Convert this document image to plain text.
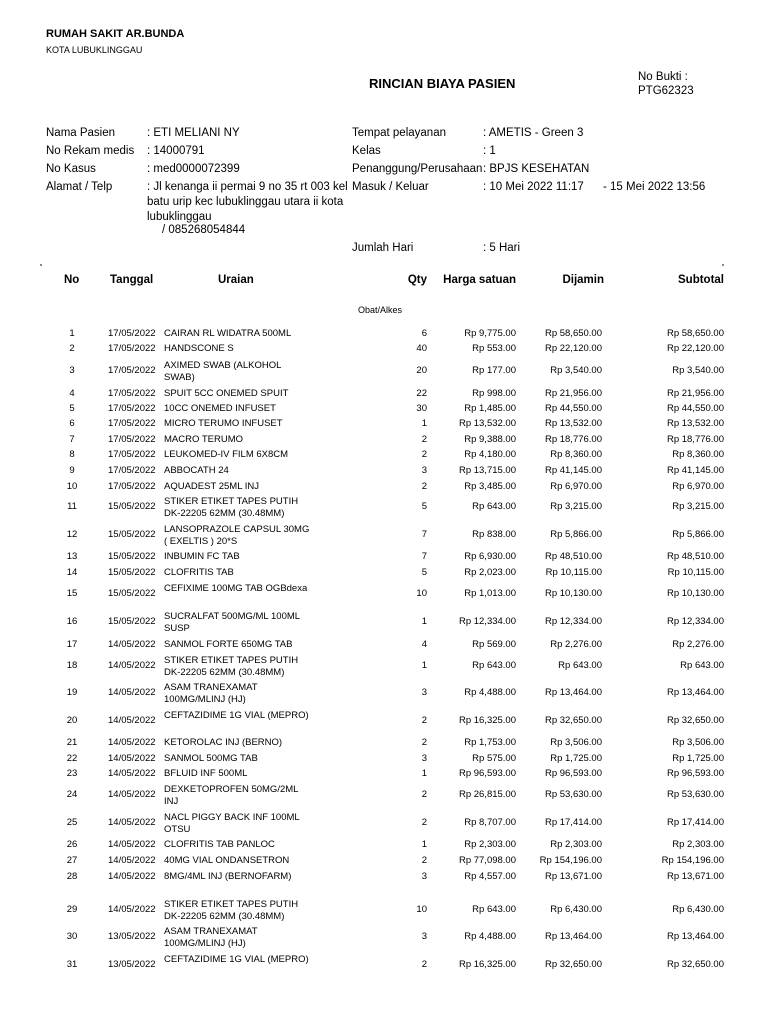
RUMAH SAKIT AR.BUNDA
KOTA LUBUKLINGGAU
RINCIAN BIAYA PASIEN	No Bukti :
PTG62323
Nama Pasien	: ETI MELIANI NY
No Rekam medis : 14000791
No Kasus	: med0000072399
Alamat / Telp	: Jl kenanga ii permai 9 no 35 rt 003 kel batu urip kec lubuklinggau utara ii kota lubuklinggau
/ 085268054844
Tempat pelayanan	: AMETIS - Green 3
Kelas	: 1
Penanggung/Perusahaan : BPJS KESEHATAN
Masuk / Keluar	: 10 Mei 2022 11:17 - 15 Mei 2022 13:56
Jumlah Hari	: 5 Hari
No	Tanggal	Uraian	Qty Harga satuan	Dijamin	Subtotal
Obat/Alkes
1	17/05/2022 CAIRAN RL WIDATRA 500ML	6	Rp 9,775.00	Rp 58,650.00	Rp 58,650.00
2	17/05/2022 HANDSCONE S	40	Rp 553.00	Rp 22,120.00	Rp 22,120.00
3	17/05/2022 AXIMED SWAB (ALKOHOL SWAB)
20	Rp 177.00	Rp 3,540.00	Rp 3,540.00
4	17/05/2022 SPUIT 5CC ONEMED SPUIT	22	Rp 998.00	Rp 21,956.00	Rp 21,956.00
5	17/05/2022 10CC ONEMED INFUSET	30	Rp 1,485.00	Rp 44,550.00	Rp 44,550.00
6	17/05/2022 MICRO TERUMO INFUSET	1	Rp 13,532.00	Rp 13,532.00	Rp 13,532.00
7	17/05/2022 MACRO TERUMO	2	Rp 9,388.00	Rp 18,776.00	Rp 18,776.00
8	17/05/2022 LEUKOMED-IV FILM 6X8CM	2	Rp 4,180.00	Rp 8,360.00	Rp 8,360.00
9	17/05/2022 ABBOCATH 24	3	Rp 13,715.00	Rp 41,145.00	Rp 41,145.00
10	17/05/2022 AQUADEST 25ML INJ	2	Rp 3,485.00	Rp 6,970.00	Rp 6,970.00
11	15/05/2022 STIKER ETIKET TAPES PUTIH DK-22205 62MM (30.48MM)
5	Rp 643.00	Rp 3,215.00	Rp 3,215.00
12	15/05/2022 LANSOPRAZOLE CAPSUL 30MG ( EXELTIS ) 20*S
7	Rp 838.00	Rp 5,866.00	Rp 5,866.00
13	15/05/2022 INBUMIN FC TAB	7	Rp 6,930.00	Rp 48,510.00	Rp 48,510.00
14	15/05/2022 CLOFRITIS TAB	5	Rp 2,023.00	Rp 10,115.00	Rp 10,115.00
15	15/05/2022 CEFIXIME 100MG TAB OGBdexa	10	Rp 1,013.00	Rp 10,130.00	Rp 10,130.00
16	15/05/2022 SUCRALFAT 500MG/ML 100ML SUSP
1	Rp 12,334.00	Rp 12,334.00	Rp 12,334.00
17	14/05/2022 SANMOL FORTE 650MG TAB	4	Rp 569.00	Rp 2,276.00	Rp 2,276.00
18	14/05/2022 STIKER ETIKET TAPES PUTIH DK-22205 62MM (30.48MM)
1	Rp 643.00	Rp 643.00	Rp 643.00
19	14/05/2022 ASAM TRANEXAMAT 100MG/MLINJ (HJ)
3	Rp 4,488.00	Rp 13,464.00	Rp 13,464.00
20	14/05/2022 CEFTAZIDIME 1G VIAL (MEPRO)	2	Rp 16,325.00	Rp 32,650.00	Rp 32,650.00
21	14/05/2022 KETOROLAC INJ (BERNO)	2	Rp 1,753.00	Rp 3,506.00	Rp 3,506.00
22	14/05/2022 SANMOL 500MG TAB	3	Rp 575.00	Rp 1,725.00	Rp 1,725.00
23	14/05/2022 BFLUID INF 500ML	1	Rp 96,593.00	Rp 96,593.00	Rp 96,593.00
24	14/05/2022 DEXKETOPROFEN 50MG/2ML INJ
2	Rp 26,815.00	Rp 53,630.00	Rp 53,630.00
25	14/05/2022 NACL PIGGY BACK INF 100ML OTSU
2	Rp 8,707.00	Rp 17,414.00	Rp 17,414.00
26	14/05/2022 CLOFRITIS TAB PANLOC	1	Rp 2,303.00	Rp 2,303.00	Rp 2,303.00
27	14/05/2022 40MG VIAL ONDANSETRON	2	Rp 77,098.00 Rp 154,196.00	Rp 154,196.00
28	14/05/2022 8MG/4ML INJ (BERNOFARM)	3	Rp 4,557.00	Rp 13,671.00	Rp 13,671.00
29	14/05/2022 STIKER ETIKET TAPES PUTIH DK-22205 62MM (30.48MM)
10	Rp 643.00	Rp 6,430.00	Rp 6,430.00
30	13/05/2022 ASAM TRANEXAMAT 100MG/MLINJ (HJ)
3	Rp 4,488.00	Rp 13,464.00	Rp 13,464.00
31	13/05/2022 CEFTAZIDIME 1G VIAL (MEPRO)	2	Rp 16,325.00	Rp 32,650.00	Rp 32,650.00
